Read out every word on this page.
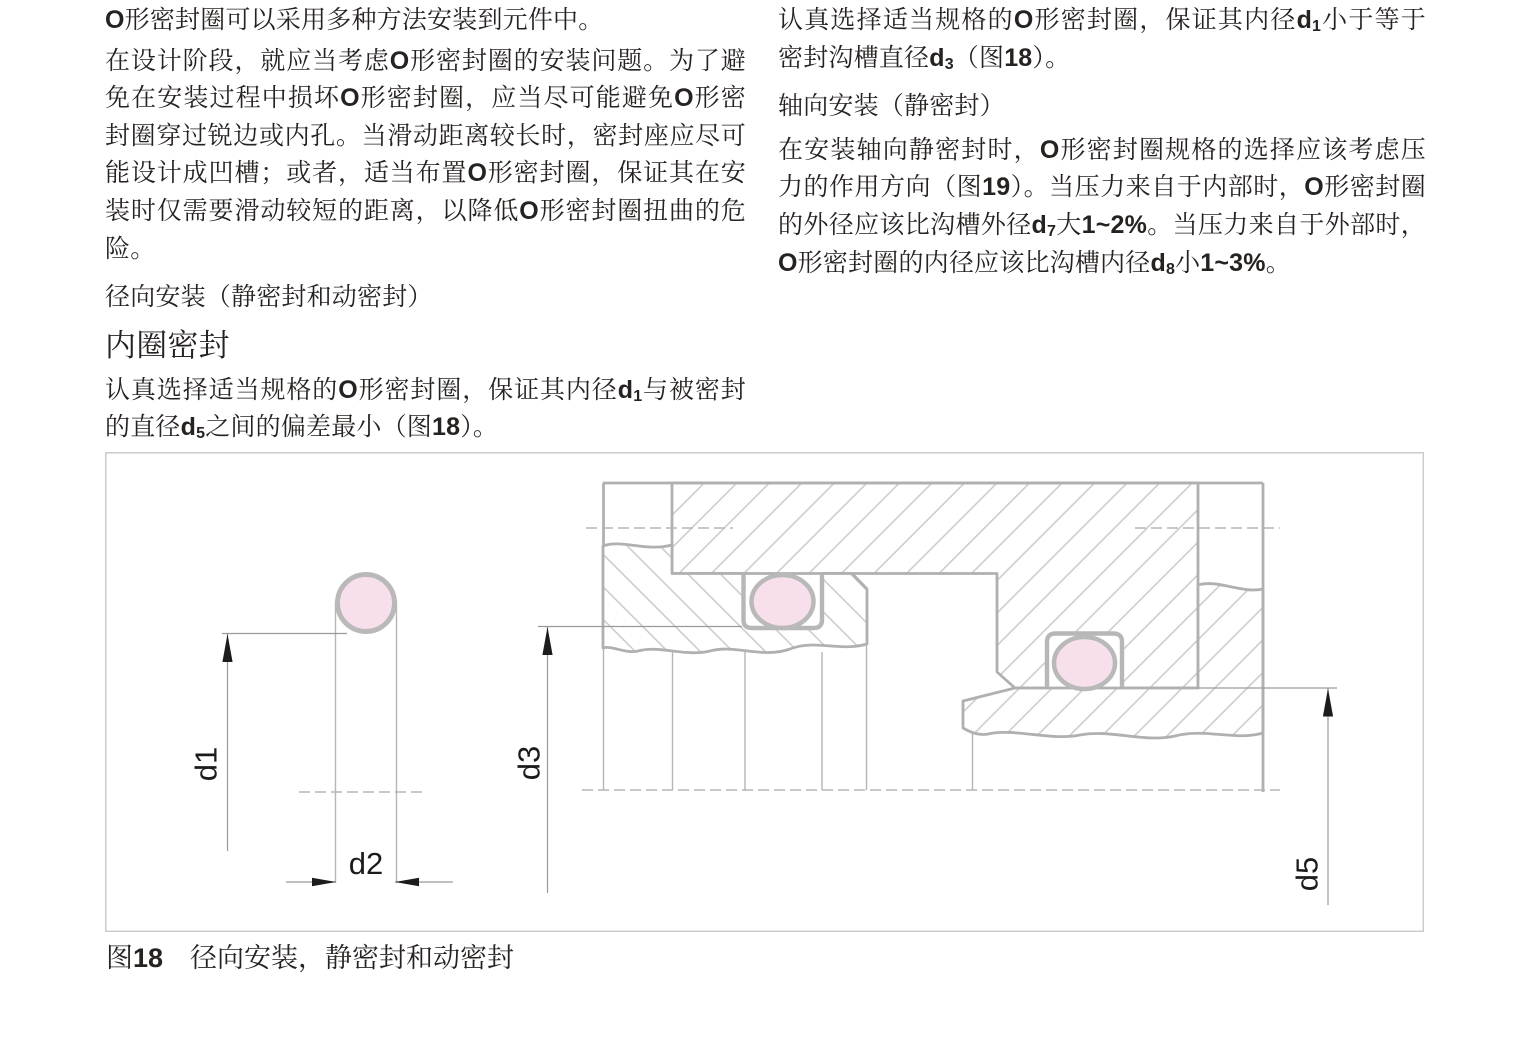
O形密封圈可以采用多种方法安装到元件中。

在设计阶段，就应当考虑O形密封圈的安装问题。为了避免在安装过程中损坏O形密封圈，应当尽可能避免O形密封圈穿过锐边或内孔。当滑动距离较长时，密封座应尽可能设计成凹槽；或者，适当布置O形密封圈，保证其在安装时仅需要滑动较短的距离，以降低O形密封圈扭曲的危险。

径向安装（静密封和动密封）

内圈密封

认真选择适当规格的O形密封圈，保证其内径$d_1$与被密封的直径$d_5$之间的偏差最小（图18）。

认真选择适当规格的O形密封圈，保证其内径$d_1$小于等于密封沟槽直径$d_3$（图18）。

轴向安装（静密封）

在安装轴向静密封时，O形密封圈规格的选择应该考虑压力的作用方向（图19）。当压力来自于内部时，O形密封圈的外径应该比沟槽外径$d_7$大1~2%。当压力来自于外部时，O形密封圈的内径应该比沟槽内径$d_8$小1~3%。

d1
d2
d3
d5

图18　径向安装，静密封和动密封
